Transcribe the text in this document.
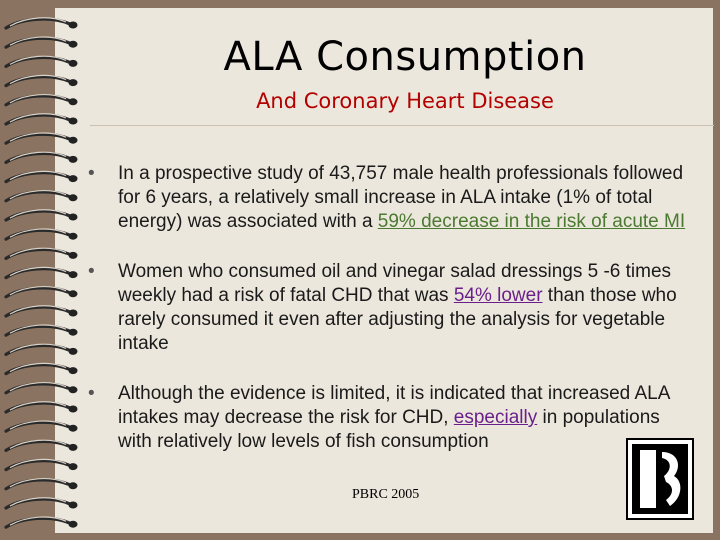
ALA Consumption
And Coronary Heart Disease
• In a prospective study of 43,757 male health professionals followed for 6 years, a relatively small increase in ALA intake (1% of total energy) was associated with a 59% decrease in the risk of acute MI
• Women who consumed oil and vinegar salad dressings 5 -6 times weekly had a risk of fatal CHD that was 54% lower than those who rarely consumed it even after adjusting the analysis for vegetable intake
• Although the evidence is limited, it is indicated that increased ALA intakes may decrease the risk for CHD, especially in populations with relatively low levels of fish consumption
PBRC 2005
